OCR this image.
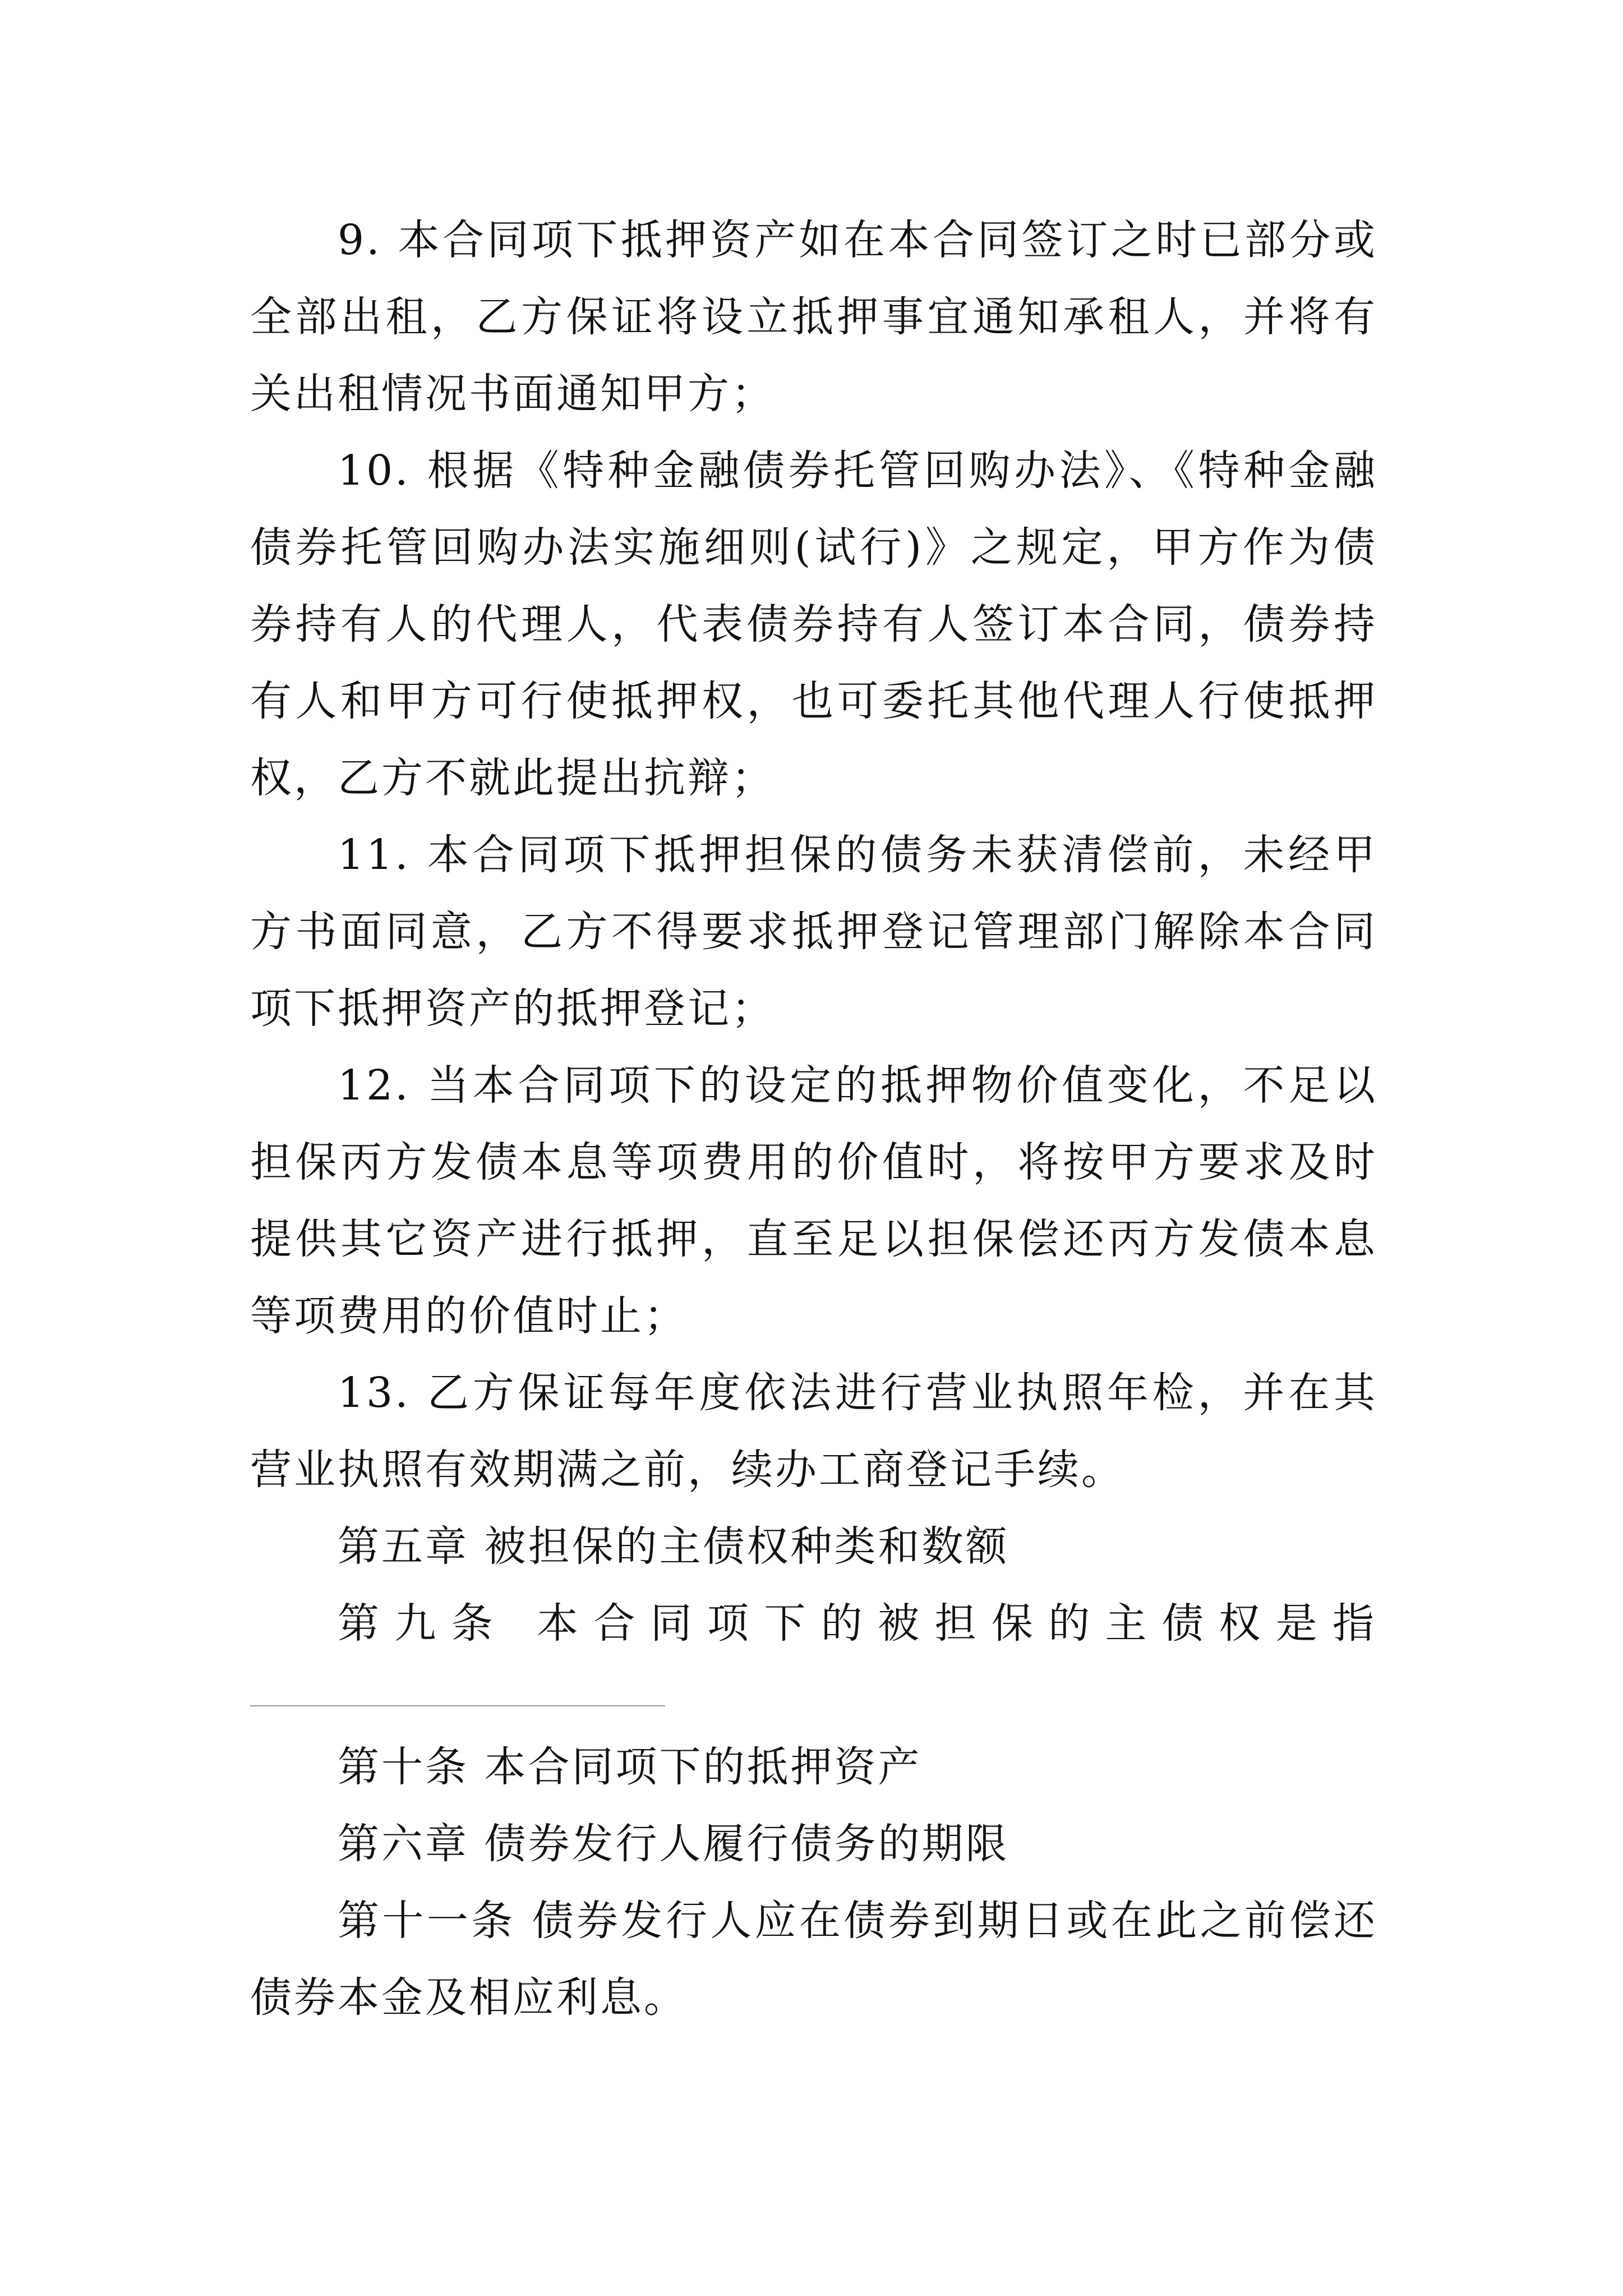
9. 本合同项下抵押资产如在本合同签订之时已部分或全部出租，乙方保证将设立抵押事宜通知承租人，并将有关出租情况书面通知甲方；

10. 根据《特种金融债券托管回购办法》、《特种金融债券托管回购办法实施细则(试行)》之规定，甲方作为债券持有人的代理人，代表债券持有人签订本合同，债券持有人和甲方可行使抵押权，也可委托其他代理人行使抵押权，乙方不就此提出抗辩；

11. 本合同项下抵押担保的债务未获清偿前，未经甲方书面同意，乙方不得要求抵押登记管理部门解除本合同项下抵押资产的抵押登记；

12. 当本合同项下的设定的抵押物价值变化，不足以担保丙方发债本息等项费用的价值时，将按甲方要求及时提供其它资产进行抵押，直至足以担保偿还丙方发债本息等项费用的价值时止；

13. 乙方保证每年度依法进行营业执照年检，并在其营业执照有效期满之前，续办工商登记手续。

第五章 被担保的主债权种类和数额

第九条 本合同项下的被担保的主债权是指

第十条 本合同项下的抵押资产

第六章 债券发行人履行债务的期限

第十一条 债券发行人应在债券到期日或在此之前偿还债券本金及相应利息。
